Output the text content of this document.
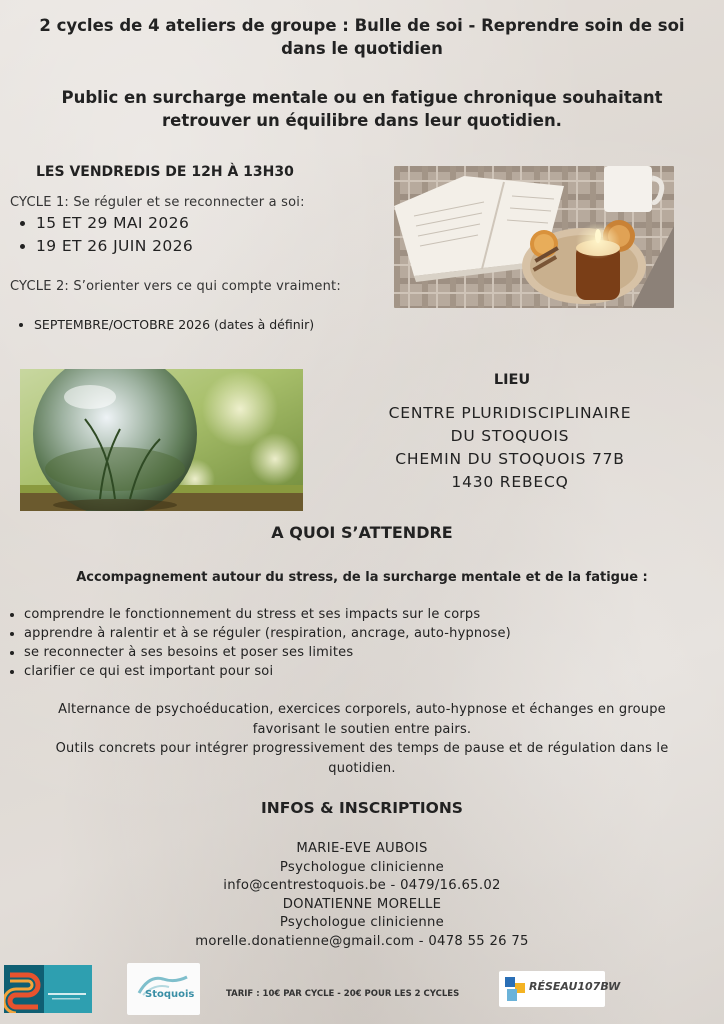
2 cycles de 4 ateliers de groupe : Bulle de soi - Reprendre soin de soi
dans le quotidien
Public en surcharge mentale ou en fatigue chronique souhaitant
retrouver un équilibre dans leur quotidien.
LES VENDREDIS DE 12H À 13H30
CYCLE 1: Se réguler et se reconnecter a soi:
• 15 ET 29 MAI 2026
• 19 ET 26 JUIN 2026
CYCLE 2: S’orienter vers ce qui compte vraiment:
• SEPTEMBRE/OCTOBRE 2026 (dates à définir)
LIEU
CENTRE PLURIDISCIPLINAIRE
DU STOQUOIS
CHEMIN DU STOQUOIS 77B
1430 REBECQ
A QUOI S’ATTENDRE
Accompagnement autour du stress, de la surcharge mentale et de la fatigue :
• comprendre le fonctionnement du stress et ses impacts sur le corps
• apprendre à ralentir et à se réguler (respiration, ancrage, auto-hypnose)
• se reconnecter à ses besoins et poser ses limites
• clarifier ce qui est important pour soi
Alternance de psychoéducation, exercices corporels, auto-hypnose et échanges en groupe
favorisant le soutien entre pairs.
Outils concrets pour intégrer progressivement des temps de pause et de régulation dans le
quotidien.
INFOS & INSCRIPTIONS
MARIE-EVE AUBOIS
Psychologue clinicienne
info@centrestoquois.be - 0479/16.65.02
DONATIENNE MORELLE
Psychologue clinicienne
morelle.donatienne@gmail.com - 0478 55 26 75
Stoquois	TARIF : 10€ PAR CYCLE - 20€ POUR LES 2 CYCLES
RÉSEAU107BW
